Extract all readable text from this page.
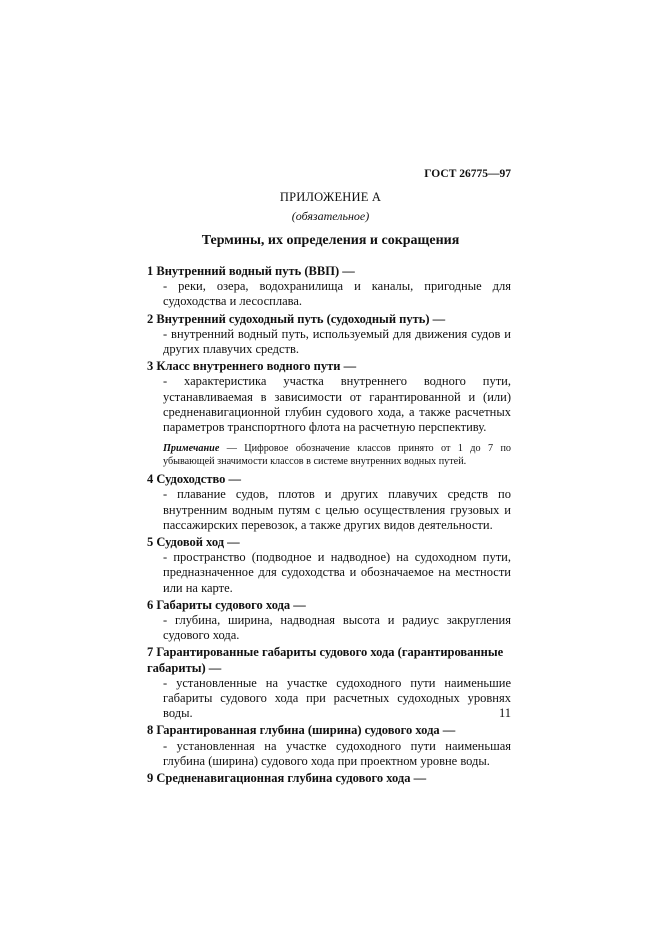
ГОСТ 26775—97
ПРИЛОЖЕНИЕ А
(обязательное)
Термины, их определения и сокращения
1 Внутренний водный путь (ВВП) —
- реки, озера, водохранилища и каналы, пригодные для судоходства и лесосплава.
2 Внутренний судоходный путь (судоходный путь) —
- внутренний водный путь, используемый для движения судов и других плавучих средств.
3 Класс внутреннего водного пути —
- характеристика участка внутреннего водного пути, устанавливаемая в зависимости от гарантированной и (или) средненавигационной глубин судового хода, а также расчетных параметров транспортного флота на расчетную перспективу.
Примечание — Цифровое обозначение классов принято от 1 до 7 по убывающей значимости классов в системе внутренних водных путей.
4 Судоходство —
- плавание судов, плотов и других плавучих средств по внутренним водным путям с целью осуществления грузовых и пассажирских перевозок, а также других видов деятельности.
5 Судовой ход —
- пространство (подводное и надводное) на судоходном пути, предназначенное для судоходства и обозначаемое на местности или на карте.
6 Габариты судового хода —
- глубина, ширина, надводная высота и радиус закругления судового хода.
7 Гарантированные габариты судового хода (гарантированные габариты) —
- установленные на участке судоходного пути наименьшие габариты судового хода при расчетных судоходных уровнях воды.
8 Гарантированная глубина (ширина) судового хода —
- установленная на участке судоходного пути наименьшая глубина (ширина) судового хода при проектном уровне воды.
9 Средненавигационная глубина судового хода —
11
